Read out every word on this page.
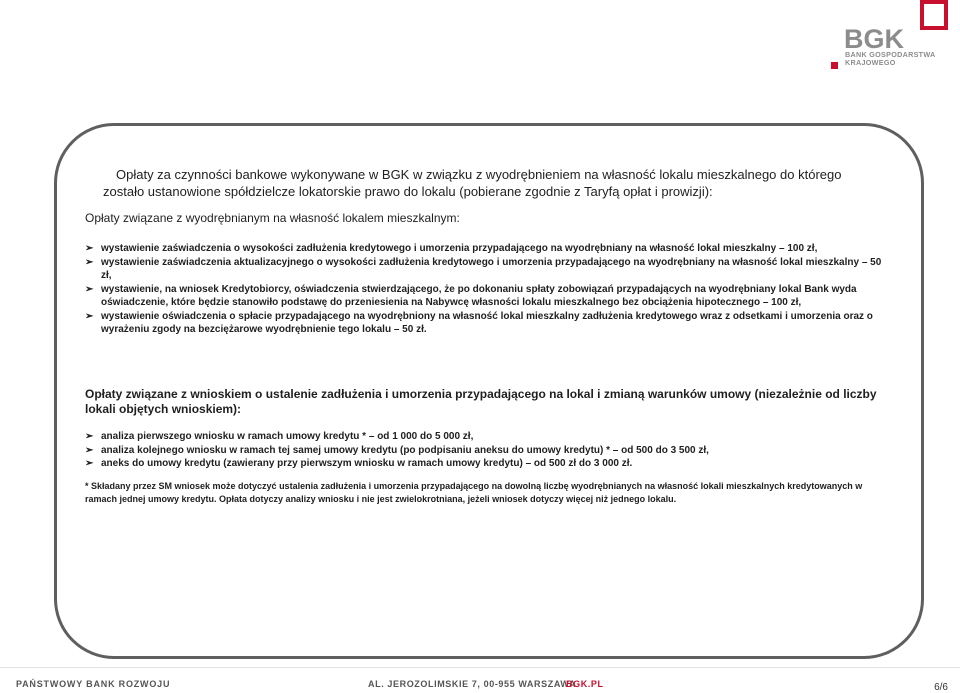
BGK
BANK GOSPODARSTWA
KRAJOWEGO
Opłaty za czynności bankowe wykonywane w BGK w związku z wyodrębnieniem na własność lokalu mieszkalnego do którego zostało ustanowione spółdzielcze lokatorskie prawo do lokalu (pobierane zgodnie z Taryfą opłat i prowizji):
Opłaty związane z wyodrębnianym na własność lokalem mieszkalnym:
➢ wystawienie zaświadczenia o wysokości zadłużenia kredytowego i umorzenia przypadającego na wyodrębniany na własność lokal mieszkalny – 100 zł,
➢ wystawienie zaświadczenia aktualizacyjnego o wysokości zadłużenia kredytowego i umorzenia przypadającego na wyodrębniany na własność lokal mieszkalny – 50 zł,
➢ wystawienie, na wniosek Kredytobiorcy, oświadczenia stwierdzającego, że po dokonaniu spłaty zobowiązań przypadających na wyodrębniany lokal Bank wyda oświadczenie, które będzie stanowiło podstawę do przeniesienia na Nabywcę własności lokalu mieszkalnego bez obciążenia hipotecznego – 100 zł,
➢ wystawienie oświadczenia o spłacie przypadającego na wyodrębniony na własność lokal mieszkalny zadłużenia kredytowego wraz z odsetkami i umorzenia oraz o wyrażeniu zgody na bezciężarowe wyodrębnienie tego lokalu – 50 zł.
Opłaty związane z wnioskiem o ustalenie zadłużenia i umorzenia przypadającego na lokal i zmianą warunków umowy (niezależnie od liczby lokali objętych wnioskiem):
➢ analiza pierwszego wniosku w ramach umowy kredytu * – od 1 000 do 5 000 zł,
➢ analiza kolejnego wniosku w ramach tej samej umowy kredytu (po podpisaniu aneksu do umowy kredytu) * – od 500 do 3 500 zł,
➢ aneks do umowy kredytu (zawierany przy pierwszym wniosku w ramach umowy kredytu) – od 500 zł do 3 000 zł.
* Składany przez SM wniosek może dotyczyć ustalenia zadłużenia i umorzenia przypadającego na dowolną liczbę wyodrębnianych na własność lokali mieszkalnych kredytowanych w ramach jednej umowy kredytu. Opłata dotyczy analizy wniosku i nie jest zwielokrotniana, jeżeli wniosek dotyczy więcej niż jednego lokalu.
PAŃSTWOWY BANK ROZWOJU	AL. JEROZOLIMSKIE 7, 00-955 WARSZAWA
BGK.PL	6/6
